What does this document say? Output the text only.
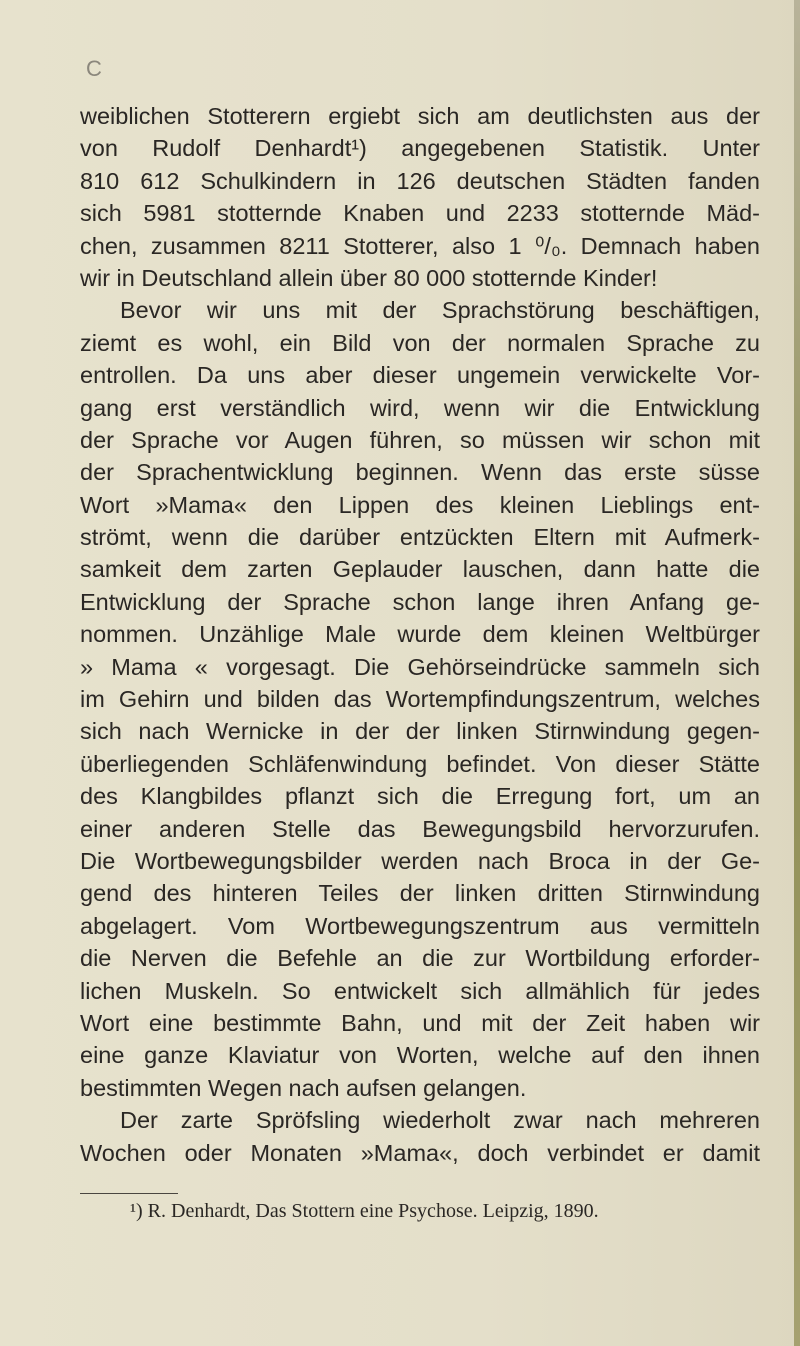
C
weiblichen Stotterern ergiebt sich am deutlichsten aus der
von Rudolf Denhardt¹) angegebenen Statistik. Unter
810 612 Schulkindern in 126 deutschen Städten fanden
sich 5981 stotternde Knaben und 2233 stotternde Mäd-
chen, zusammen 8211 Stotterer, also 1 ⁰/₀. Demnach haben
wir in Deutschland allein über 80 000 stotternde Kinder!
Bevor wir uns mit der Sprachstörung beschäftigen,
ziemt es wohl, ein Bild von der normalen Sprache zu
entrollen. Da uns aber dieser ungemein verwickelte Vor-
gang erst verständlich wird, wenn wir die Entwicklung
der Sprache vor Augen führen, so müssen wir schon mit
der Sprachentwicklung beginnen. Wenn das erste süsse
Wort »Mama« den Lippen des kleinen Lieblings ent-
strömt, wenn die darüber entzückten Eltern mit Aufmerk-
samkeit dem zarten Geplauder lauschen, dann hatte die
Entwicklung der Sprache schon lange ihren Anfang ge-
nommen. Unzählige Male wurde dem kleinen Weltbürger
» Mama « vorgesagt. Die Gehörseindrücke sammeln sich
im Gehirn und bilden das Wortempfindungszentrum, welches
sich nach Wernicke in der der linken Stirnwindung gegen-
überliegenden Schläfenwindung befindet. Von dieser Stätte
des Klangbildes pflanzt sich die Erregung fort, um an
einer anderen Stelle das Bewegungsbild hervorzurufen.
Die Wortbewegungsbilder werden nach Broca in der Ge-
gend des hinteren Teiles der linken dritten Stirnwindung
abgelagert. Vom Wortbewegungszentrum aus vermitteln
die Nerven die Befehle an die zur Wortbildung erforder-
lichen Muskeln. So entwickelt sich allmählich für jedes
Wort eine bestimmte Bahn, und mit der Zeit haben wir
eine ganze Klaviatur von Worten, welche auf den ihnen
bestimmten Wegen nach aufsen gelangen.
Der zarte Spröfsling wiederholt zwar nach mehreren
Wochen oder Monaten »Mama«, doch verbindet er damit
¹) R. Denhardt, Das Stottern eine Psychose. Leipzig, 1890.
